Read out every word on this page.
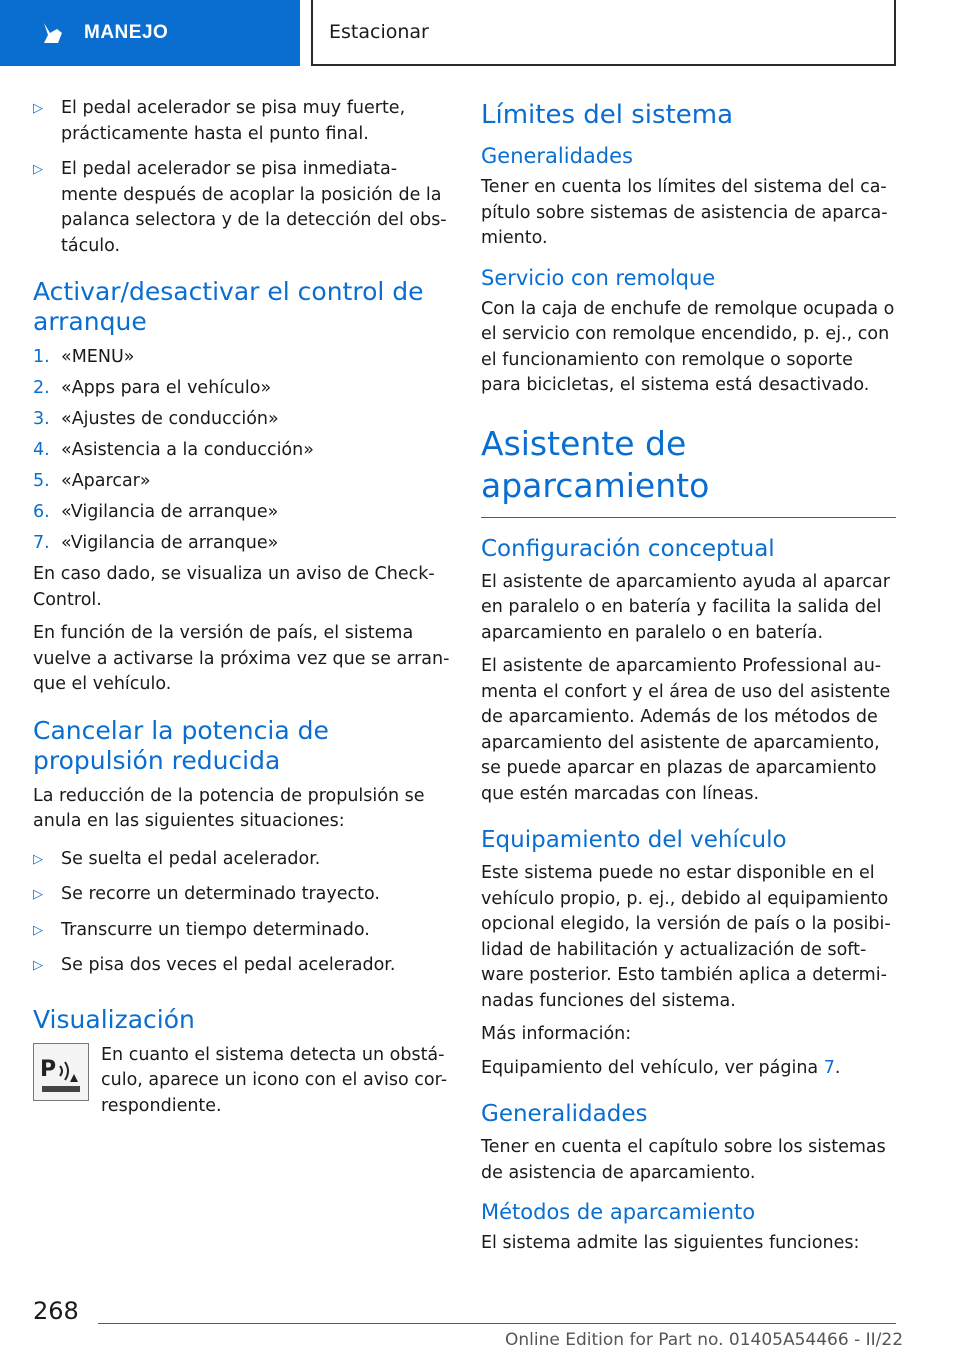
MANEJO	Estacionar
▷ El pedal acelerador se pisa muy fuerte, prácticamente hasta el punto final.
▷ El pedal acelerador se pisa inmediata-mente después de acoplar la posición de la palanca selectora y de la detección del obs-táculo.
Activar/desactivar el control de arranque
1. «MENU»
2. «Apps para el vehículo»
3. «Ajustes de conducción»
4. «Asistencia a la conducción»
5. «Aparcar»
6. «Vigilancia de arranque»
7. «Vigilancia de arranque»

En caso dado, se visualiza un aviso de Check-Control.

En función de la versión de país, el sistema vuelve a activarse la próxima vez que se arran-que el vehículo.

Cancelar la potencia de propulsión reducida

La reducción de la potencia de propulsión se anula en las siguientes situaciones:

▷ Se suelta el pedal acelerador.
▷ Se recorre un determinado trayecto.
▷ Transcurre un tiempo determinado.
▷ Se pisa dos veces el pedal acelerador.
Visualización
P

En cuanto el sistema detecta un obstá-culo, aparece un icono con el aviso cor-respondiente.

Límites del sistema
Generalidades

Tener en cuenta los límites del sistema del ca-pítulo sobre sistemas de asistencia de aparca-miento.

Servicio con remolque

Con la caja de enchufe de remolque ocupada o el servicio con remolque encendido, p. ej., con el funcionamiento con remolque o soporte para bicicletas, el sistema está desactivado.

Asistente de aparcamiento
Configuración conceptual

El asistente de aparcamiento ayuda al aparcar en paralelo o en batería y facilita la salida del aparcamiento en paralelo o en batería.

El asistente de aparcamiento Professional au-menta el confort y el área de uso del asistente de aparcamiento. Además de los métodos de aparcamiento del asistente de aparcamiento, se puede aparcar en plazas de aparcamiento que estén marcadas con líneas.

Equipamiento del vehículo

Este sistema puede no estar disponible en el vehículo propio, p. ej., debido al equipamiento opcional elegido, la versión de país o la posibi-lidad de habilitación y actualización de soft-ware posterior. Esto también aplica a determi-nadas funciones del sistema.

Más información:

Equipamiento del vehículo, ver página 7.

Generalidades

Tener en cuenta el capítulo sobre los sistemas de asistencia de aparcamiento.

Métodos de aparcamiento

El sistema admite las siguientes funciones:

268
Online Edition for Part no. 01405A54466 - II/22
